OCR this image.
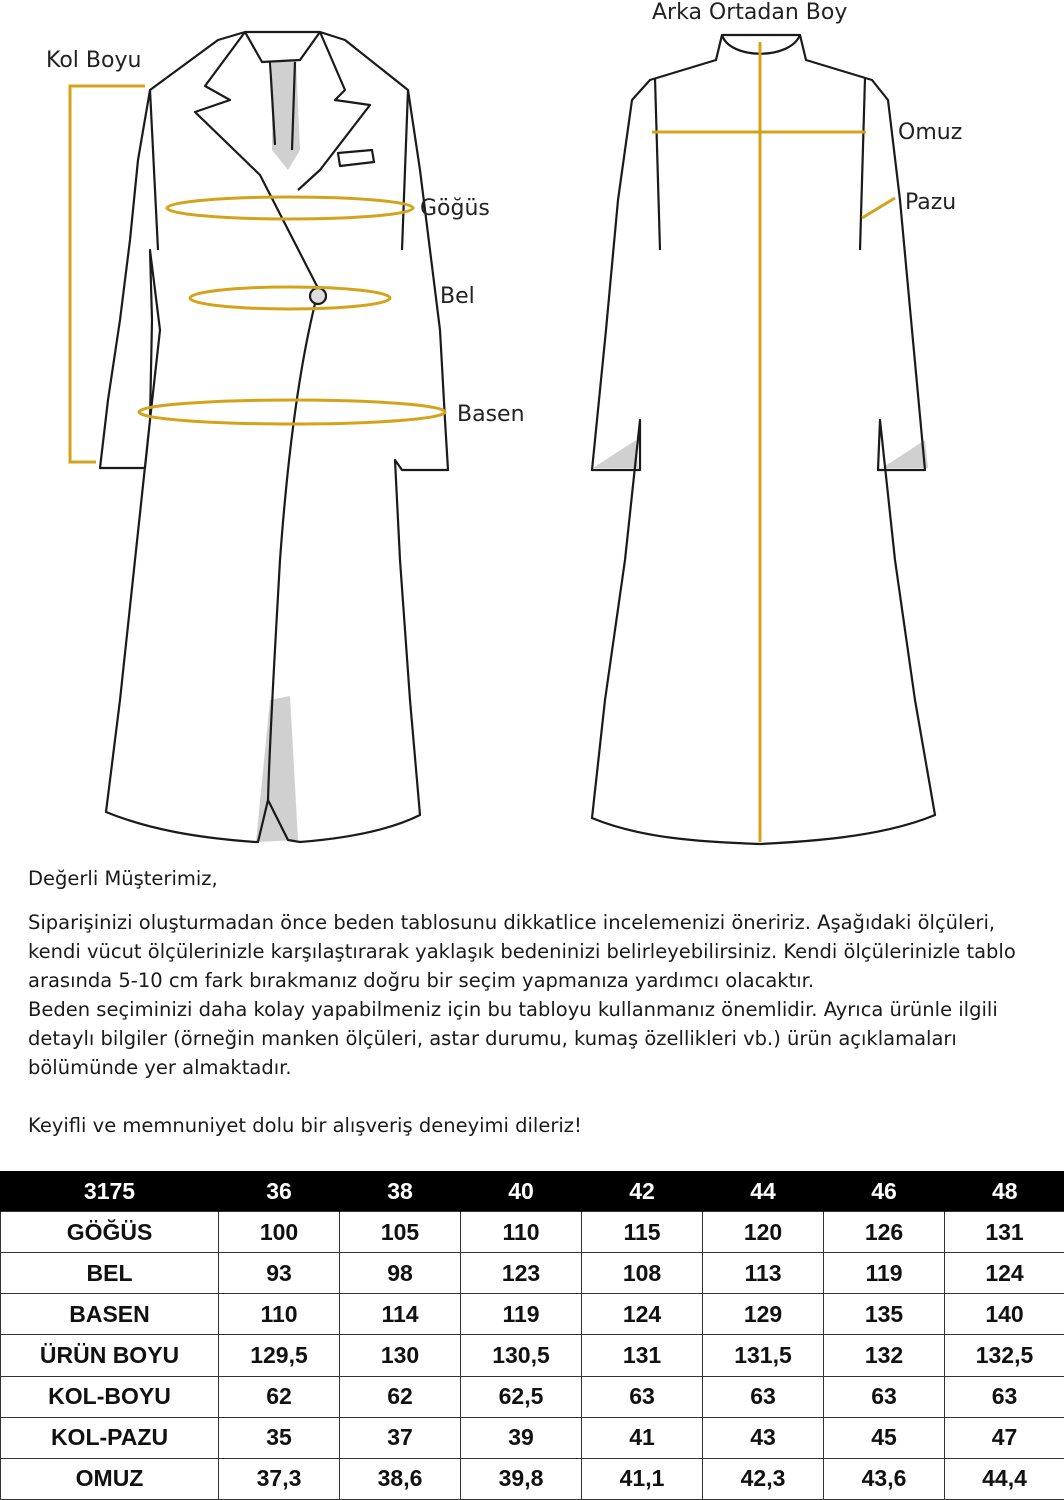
Kol Boyu
Göğüs
Bel
Basen
Arka Ortadan Boy
Omuz
Pazu

Değerli Müşterimiz,

Siparişinizi oluşturmadan önce beden tablosunu dikkatlice incelemenizi öneririz. Aşağıdaki ölçüleri, kendi vücut ölçülerinizle karşılaştırarak yaklaşık bedeninizi belirleyebilirsiniz. Kendi ölçülerinizle tablo arasında 5-10 cm fark bırakmanız doğru bir seçim yapmanıza yardımcı olacaktır.

Beden seçiminizi daha kolay yapabilmeniz için bu tabloyu kullanmanız önemlidir. Ayrıca ürünle ilgili detaylı bilgiler (örneğin manken ölçüleri, astar durumu, kumaş özellikleri vb.) ürün açıklamaları bölümünde yer almaktadır.

Keyifli ve memnuniyet dolu bir alışveriş deneyimi dileriz!

3175	36	38	40	42	44	46	48
GÖĞÜS	100	105	110	115	120	126	131
BEL	93	98	123	108	113	119	124
BASEN	110	114	119	124	129	135	140
ÜRÜN BOYU	129,5	130	130,5	131	131,5	132	132,5
KOL-BOYU	62	62	62,5	63	63	63	63
KOL-PAZU	35	37	39	41	43	45	47
OMUZ	37,3	38,6	39,8	41,1	42,3	43,6	44,4
